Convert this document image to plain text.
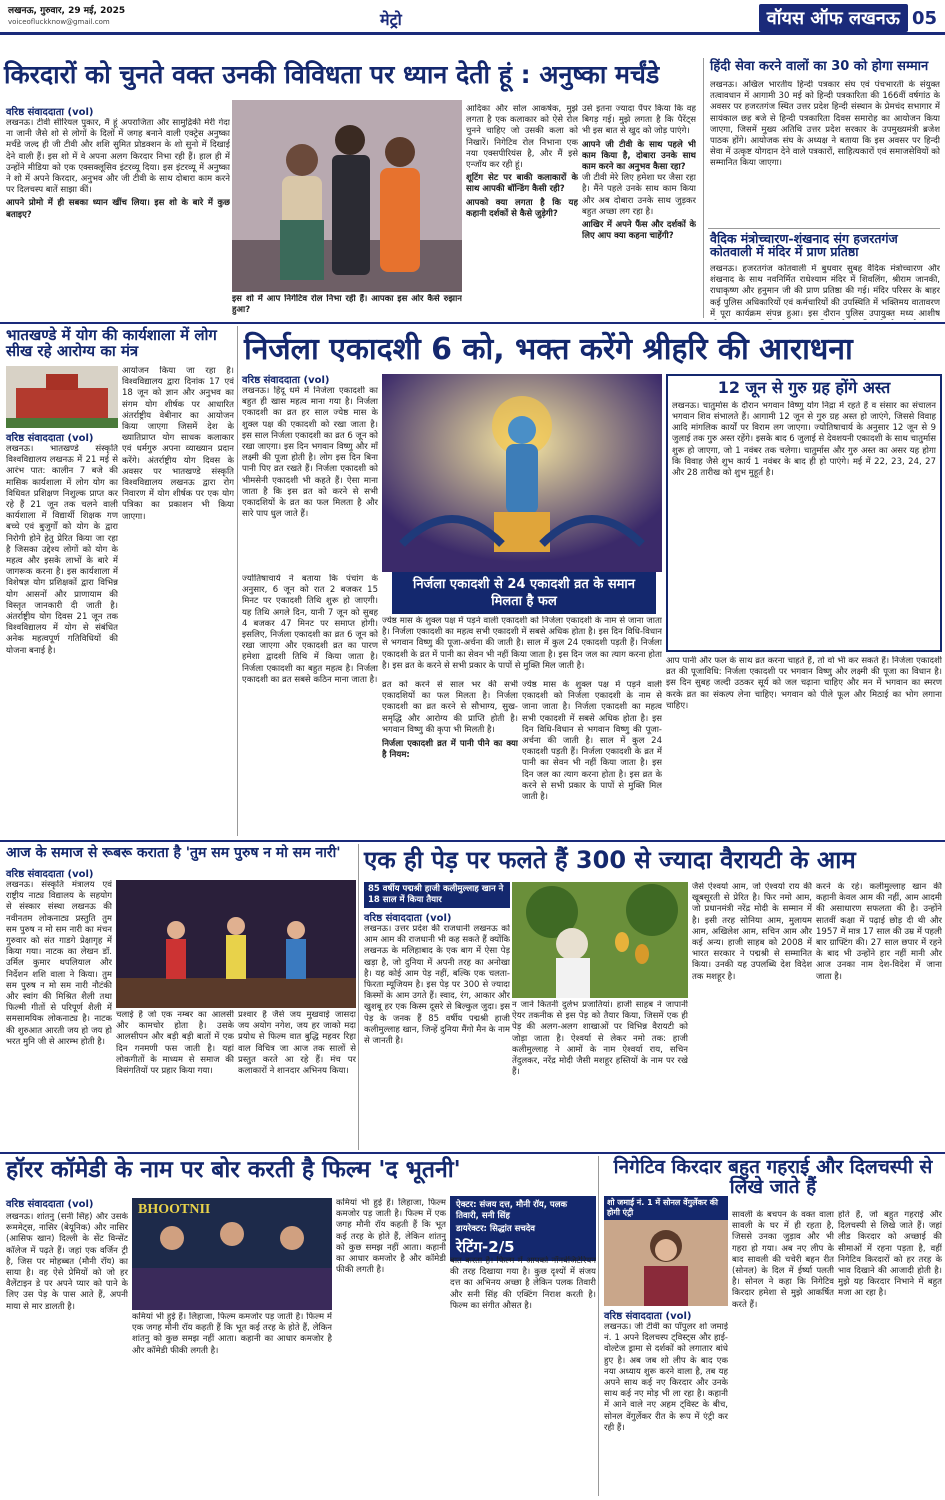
लखनऊ, गुरुवार, 29 मई, 2025
voiceofluckknow@gmail.com	मेट्रो	वॉयस ऑफ लखनऊ 05
किरदारों को चुनते वक्त उनकी विविधता पर ध्यान देती हूं : अनुष्का मर्चंडे
वरिष्ठ संवाददाता (vol)
लखनऊ। टीवी सीरियल पुकार, मैं हूं अपराजिता और सामुद्रिकी मेरी गेदा ना जानी जैसे शो से लोगों के दिलों में जगह बनाने वाली एक्ट्रेस अनुष्का मर्चंडे जल्द ही जी टीवी और शशि सुमित प्रोडक्शन के शो सुनो में दिखाई देने वाली हैं। इस शो में वे अपना अलग किरदार निभा रही हैं। हाल ही में उन्होंने मीडिया को एक एक्सक्लूसिव इंटरव्यू दिया। इस इंटरव्यू में अनुष्का ने शो में अपने किरदार, अनुभव और जी टीवी के साथ दोबारा काम करने पर दिलचस्प बातें साझा कीं।
आपने प्रोमो में ही सबका ध्यान खींच लिया। इस शो के बारे में कुछ बताइए?
इस शो में आप निगेटिव रोल निभा रही हैं। आपका इस ओर कैसे रुझान हुआ?
आदिका और सोल आकर्षक, मुझे लगता है एक कलाकार को ऐसे रोल चुनने चाहिए जो उसकी कला को निखारें। निगेटिव रोल निभाना एक नया एक्सपीरियंस है, और मैं इसे एन्जॉय कर रही हूं।
शूटिंग सेट पर बाकी कलाकारों के साथ आपकी बॉन्डिंग कैसी रही?
आपको क्या लगता है कि यह कहानी दर्शकों से कैसे जुड़ेगी?
उसे इतना ज्यादा पैंपर किया कि वह बिगड़ गई। मुझे लगता है कि पैरेंट्स भी इस बात से खुद को जोड़ पाएंगे।
आपने जी टीवी के साथ पहले भी काम किया है, दोबारा उनके साथ काम करने का अनुभव कैसा रहा?
जी टीवी मेरे लिए हमेशा घर जैसा रहा है। मैंने पहले उनके साथ काम किया और अब दोबारा उनके साथ जुड़कर बहुत अच्छा लग रहा है।
आखिर में अपने फैंस और दर्शकों के लिए आप क्या कहना चाहेंगी?
हिंदी सेवा करने वालों का 30 को होगा सम्मान
लखनऊ। अखिल भारतीय हिन्दी पत्रकार संघ एवं पंचभारती के संयुक्त तत्वावधान में आगामी 30 मई को हिन्दी पत्रकारिता की 166वीं वर्षगांठ के अवसर पर हजरतगंज स्थित उत्तर प्रदेश हिन्दी संस्थान के प्रेमचंद सभागार में सायंकाल छह बजे से हिन्दी पत्रकारिता दिवस समारोह का आयोजन किया जाएगा, जिसमें मुख्य अतिथि उत्तर प्रदेश सरकार के उपमुख्यमंत्री ब्रजेश पाठक होंगे। आयोजक संघ के अध्यक्ष ने बताया कि इस अवसर पर हिन्दी सेवा में उत्कृष्ट योगदान देने वाले पत्रकारों, साहित्यकारों एवं समाजसेवियों को सम्मानित किया जाएगा।
वैदिक मंत्रोच्चारण-शंखनाद संग हजरतगंज कोतवाली में मंदिर में प्राण प्रतिष्ठा
लखनऊ। हजरतगंज कोतवाली में बुधवार सुबह वैदिक मंत्रोच्चारण और शंखनाद के साथ नवनिर्मित राधेश्याम मंदिर में शिवलिंग, श्रीराम जानकी, राधाकृष्ण और हनुमान जी की प्राण प्रतिष्ठा की गई। मंदिर परिसर के बाहर कई पुलिस अधिकारियों एवं कर्मचारियों की उपस्थिति में भक्तिमय वातावरण में पूरा कार्यक्रम संपन्न हुआ। इस दौरान पुलिस उपायुक्त मध्य आशीष
भातखण्डे में योग की कार्यशाला में लोग सीख रहे आरोग्य का मंत्र
वरिष्ठ संवाददाता (vol)
लखनऊ। भातखण्डे संस्कृति विश्वविद्यालय लखनऊ में 21 मई से आरंभ पात: कालीन 7 बजे की मासिक कार्यशाला में लोग योग का विधिवत प्रशिक्षण निशुल्क प्राप्त कर रहे हैं 21 जून तक चलने वाली कार्यशाला में विद्यार्थी शिक्षक गण बच्चे एवं बुजुर्गों को योग के द्वारा निरोगी होने हेतु प्रेरित किया जा रहा है जिसका उद्देश्य लोगों को योग के महत्व और इसके लाभों के बारे में जागरूक करना है। इस कार्यशाला में विशेषज्ञ योग प्रशिक्षकों द्वारा विभिन्न योग आसनों और प्राणायाम की विस्तृत जानकारी दी जाती है। अंतर्राष्ट्रीय योग दिवस 21 जून तक विश्वविद्यालय में योग से संबंधित अनेक महत्वपूर्ण गतिविधियों की योजना बनाई है।
आयोजन किया जा रहा है। विश्वविद्यालय द्वारा दिनांक 17 एवं 18 जून को ज्ञान और अनुभव का संगम योग शीर्षक पर आधारित अंतर्राष्ट्रीय वेबीनार का आयोजन किया जाएगा जिसमें देश के ख्यातिप्राप्त योग साधक कलाकार एवं धर्मगुरु अपना व्याख्यान प्रदान करेंगे। अंतर्राष्ट्रीय योग दिवस के अवसर पर भातखण्डे संस्कृति विश्वविद्यालय लखनऊ द्वारा रोग निवारण में योग शीर्षक पर एक योग पत्रिका का प्रकाशन भी किया जाएगा।
निर्जला एकादशी 6 को, भक्त करेंगे श्रीहरि की आराधना
वरिष्ठ संवाददाता (vol)
लखनऊ। हिंदू धर्म में निर्जला एकादशी का बहुत ही खास महत्व माना गया है। निर्जला एकादशी का व्रत हर साल ज्येष्ठ मास के शुक्ल पक्ष की एकादशी को रखा जाता है। इस साल निर्जला एकादशी का व्रत 6 जून को रखा जाएगा। इस दिन भगवान विष्णु और माँ लक्ष्मी की पूजा होती है। लोग इस दिन बिना पानी पिए व्रत रखते हैं। निर्जला एकादशी को भीमसेनी एकादशी भी कहते हैं। ऐसा माना जाता है कि इस व्रत को करने से सभी एकादशियों के व्रत का फल मिलता है और सारे पाप धुल जाते हैं।
निर्जला एकादशी से 24 एकादशी व्रत के समान मिलता है फल
ज्योतिषाचार्य ने बताया कि पंचांग के अनुसार, 6 जून को रात 2 बजकर 15 मिनट पर एकादशी तिथि शुरू हो जाएगी। यह तिथि अगले दिन, यानी 7 जून को सुबह 4 बजकर 47 मिनट पर समाप्त होगी। इसलिए, निर्जला एकादशी का व्रत 6 जून को रखा जाएगा और एकादशी व्रत का पारण हमेशा द्वादशी तिथि में किया जाता है। निर्जला एकादशी का बहुत महत्व है। निर्जला एकादशी का व्रत सबसे कठिन माना जाता है।
ज्येष्ठ मास के शुक्ल पक्ष में पड़ने वाली एकादशी को निर्जला एकादशी के नाम से जाना जाता है। निर्जला एकादशी का महत्व सभी एकादशी में सबसे अधिक होता है। इस दिन विधि-विधान से भगवान विष्णु की पूजा-अर्चना की जाती है। साल में कुल 24 एकादशी पड़ती हैं। निर्जला एकादशी के व्रत में पानी का सेवन भी नहीं किया जाता है। इस दिन जल का त्याग करना होता है। इस व्रत के करने से सभी प्रकार के पापों से मुक्ति मिल जाती है।
व्रत को करने से साल भर की सभी एकादशियों का फल मिलता है। निर्जला एकादशी का व्रत करने से सौभाग्य, सुख-समृद्धि और आरोग्य की प्राप्ति होती है। भगवान विष्णु की कृपा भी मिलती है।
निर्जला एकादशी व्रत में पानी पीने का क्या है नियम:
ज्येष्ठ मास के शुक्ल पक्ष में पड़ने वाली एकादशी को निर्जला एकादशी के नाम से जाना जाता है। निर्जला एकादशी का महत्व सभी एकादशी में सबसे अधिक होता है। इस दिन विधि-विधान से भगवान विष्णु की पूजा-अर्चना की जाती है। साल में कुल 24 एकादशी पड़ती हैं। निर्जला एकादशी के व्रत में पानी का सेवन भी नहीं किया जाता है। इस दिन जल का त्याग करना होता है। इस व्रत के करने से सभी प्रकार के पापों से मुक्ति मिल जाती है।
12 जून से गुरु ग्रह होंगे अस्त
लखनऊ। चातुर्मास के दौरान भगवान विष्णु योग निद्रा में रहते हैं व संसार का संचालन भगवान शिव संभालते हैं। आगामी 12 जून से गुरु ग्रह अस्त हो जाएंगे, जिससे विवाह आदि मांगलिक कार्यों पर विराम लग जाएगा। ज्योतिषाचार्य के अनुसार 12 जून से 9 जुलाई तक गुरु अस्त रहेंगे। इसके बाद 6 जुलाई से देवशयनी एकादशी के साथ चातुर्मास शुरू हो जाएगा, जो 1 नवंबर तक चलेगा। चातुर्मास और गुरु अस्त का असर यह होगा कि विवाह जैसे शुभ कार्य 1 नवंबर के बाद ही हो पाएंगे। मई में 22, 23, 24, 27 और 28 तारीख को शुभ मुहूर्त है।
आप पानी और फल के साथ व्रत करना चाहते हैं, तो वो भी कर सकते हैं। निर्जला एकादशी व्रत की पूजाविधि: निर्जला एकादशी पर भगवान विष्णु और लक्ष्मी की पूजा का विधान है। इस दिन सुबह जल्दी उठकर सूर्य को जल चढ़ाना चाहिए और मन में भगवान का स्मरण करके व्रत का संकल्प लेना चाहिए। भगवान को पीले फूल और मिठाई का भोग लगाना चाहिए।
आज के समाज से रूबरू कराता है 'तुम सम पुरुष न मो सम नारी'
वरिष्ठ संवाददाता (vol)
लखनऊ। संस्कृति मंत्रालय एवं राष्ट्रीय नाट्य विद्यालय के सहयोग से संस्कार संस्था लखनऊ की नवीनतम लोकनाट्य प्रस्तुति तुम सम पुरुष न मो सम नारी का मंचन गुरुवार को संत गाडगे प्रेक्षागृह में किया गया। नाटक का लेखन डॉ. उर्मिल कुमार थपलियाल और निर्देशन शशि वाला ने किया। तुम सम पुरुष न मो सम नारी नौटंकी और स्वांग की मिश्रित शैली तथा फिल्मी गीतों से परिपूर्ण शैली में समसामयिक लोकनाट्य है। नाटक की शुरुआत आरती जय हो जय हो भरत मुनि जी से आरम्भ होती है।
चलाई है जो एक नम्बर का आलसी और कामचोर होता है। उसके आलसीपन और बड़ी बड़ी बातों में एक दिन गनमणी फस जाती है। यहां लोकगीतों के माध्यम से समाज की विसंगतियों पर प्रहार किया गया।
प्रश्वार है जैसे जय मुखवाई जासदा जय अयोग नगेश, जय हर जाको मदा प्रयोध से फिल्म वात बुद्धि महवर रिहा वाल विचित्र जा आज तक सालों से प्रस्तुत करते आ रहे हैं। मंच पर कलाकारों ने शानदार अभिनय किया।
एक ही पेड़ पर फलते हैं 300 से ज्यादा वैरायटी के आम
85 वर्षीय पद्मश्री हाजी कलीमुल्लाह खान ने 18 साल में किया तैयार
वरिष्ठ संवाददाता (vol)
लखनऊ। उत्तर प्रदेश की राजधानी लखनऊ को आम आम की राजधानी भी कह सकते हैं क्योंकि लखनऊ के मलिहाबाद के एक बाग में ऐसा पेड़ खड़ा है, जो दुनिया में अपनी तरह का अनोखा है। यह कोई आम पेड़ नहीं, बल्कि एक चलता-फिरता म्यूजियम है। इस पेड़ पर 300 से ज्यादा किस्मों के आम उगते हैं। स्वाद, रंग, आकार और खुशबू हर एक किस्म दूसरे से बिल्कुल जुदा। इस पेड़ के जनक हैं 85 वर्षीय पद्मश्री हाजी कलीमुल्लाह खान, जिन्हें दुनिया मैंगो मैन के नाम से जानती है।
न जाने कितनी दुर्लभ प्रजातियां। हाजी साहब ने जापानी ऐयर तकनीक से इस पेड़ को तैयार किया, जिसमें एक ही पेड़ की अलग-अलग शाखाओं पर विभिन्न वैरायटी को जोड़ा जाता है। ऐश्वर्या से लेकर नमो तक: हाजी कलीमुल्लाह ने आमों के नाम ऐश्वर्या राय, सचिन तेंदुलकर, नरेंद्र मोदी जैसी मशहूर हस्तियों के नाम पर रखे हैं।
जैसे ऐश्वर्या आम, जो ऐश्वर्या राय की खूबसूरती से प्रेरित है। फिर नमो आम, जो प्रधानमंत्री नरेंद्र मोदी के सम्मान में है। इसी तरह सोनिया आम, मुलायम आम, अखिलेश आम, सचिन आम और कई अन्य। हाजी साहब को 2008 में भारत सरकार ने पद्मश्री से सम्मानित किया। उनकी यह उपलब्धि देश विदेश तक मशहूर है।
करने के रहे। कलीमुल्लाह खान की कहानी केवल आम की नहीं, आम आदमी की असाधारण सफलता की है। उन्होंने सातवीं कक्षा में पढ़ाई छोड़ दी थी और 1957 में मात्र 17 साल की उम्र में पहली बार ग्राफ्टिंग की। 27 साल छपार में रहने के बाद भी उन्होंने हार नहीं मानी और आज उनका नाम देश-विदेश में जाना जाता है।
हॉरर कॉमेडी के नाम पर बोर करती है फिल्म 'द भूतनी'
वरिष्ठ संवाददाता (vol)
लखनऊ। शांतनु (सनी सिंह) और उसके रूममेट्स, नासिर (बेयूनिक) और नासिर (आसिफ खान) दिल्ली के सेंट विन्सेंट कॉलेज में पढ़ते हैं। जहां एक वर्जिन ट्री है, जिस पर मोहब्बत (मौनी रॉय) का साया है। वह ऐसे प्रेमियों को जो हर वैलेंटाइन डे पर अपने प्यार को पाने के लिए उस पेड़ के पास आते हैं, अपनी माया से मार डालती है।
BHOOTNII
कमियां भी हुई हैं। लिहाजा, फिल्म कमजोर पड़ जाती है। फिल्म में एक जगह मौनी रॉय कहती हैं कि भूत कई तरह के होते हैं, लेकिन शांतनु को कुछ समझ नहीं आता। कहानी का आधार कमजोर है और कॉमेडी फीकी लगती है।
कमियां भी हुई हैं। लिहाजा, फिल्म कमजोर पड़ जाती है। फिल्म में एक जगह मौनी रॉय कहती हैं कि भूत कई तरह के होते हैं, लेकिन शांतनु को कुछ समझ नहीं आता। कहानी का आधार कमजोर है और कॉमेडी फीकी लगती है।
ऐक्टर: संजय दत्त, मौनी रॉय, पलक तिवारी, सनी सिंह
डायरेक्टर: सिद्धांत सचदेव
रेटिंग-2/5
बात करता है। फिल्म में आपको नॉनवेजिटेरियन की तरह दिखाया गया है। कुछ दृश्यों में संजय दत्त का अभिनय अच्छा है लेकिन पलक तिवारी और सनी सिंह की एक्टिंग निराश करती है। फिल्म का संगीत औसत है।
निगेटिव किरदार बहुत गहराई और दिलचस्पी से लिखे जाते हैं
शो जमाई नं. 1 में सोनल वेंगुर्लेकर की होगी एंट्री
वरिष्ठ संवाददाता (vol)
लखनऊ। जी टीवी का पॉपुलर शो जमाई नं. 1 अपने दिलचस्प ट्विस्ट्स और हाई-वोल्टेज ड्रामा से दर्शकों को लगातार बांधे हुए है। अब जब शो लीप के बाद एक नया अध्याय शुरू करने वाला है, तब यह अपने साथ कई नए किरदार और उनके साथ कई नए मोड़ भी ला रहा है। कहानी में आने वाले नए अहम ट्विस्ट के बीच, सोनल वेंगुर्लेकर रीत के रूप में एंट्री कर रही हैं।
सावली के बचपन के वक्त वाला सावली के घर में ही रहता है, जिससे उनका जुड़ाव और भी गहरा हो गया। अब नए लीप के बाद सावली की चचेरी बहन रीत (सोनल) के दिल में ईर्ष्या पलती है। सोनल ने कहा कि निगेटिव किरदार हमेशा से मुझे आकर्षित करते हैं।
होते हैं, जो बहुत गहराई और दिलचस्पी से लिखे जाते हैं। जहां लीड किरदार को अच्छाई की सीमाओं में रहना पड़ता है, वहीं निगेटिव किरदारों को हर तरह के भाव दिखाने की आजादी होती है। मुझे यह किरदार निभाने में बहुत मजा आ रहा है।
